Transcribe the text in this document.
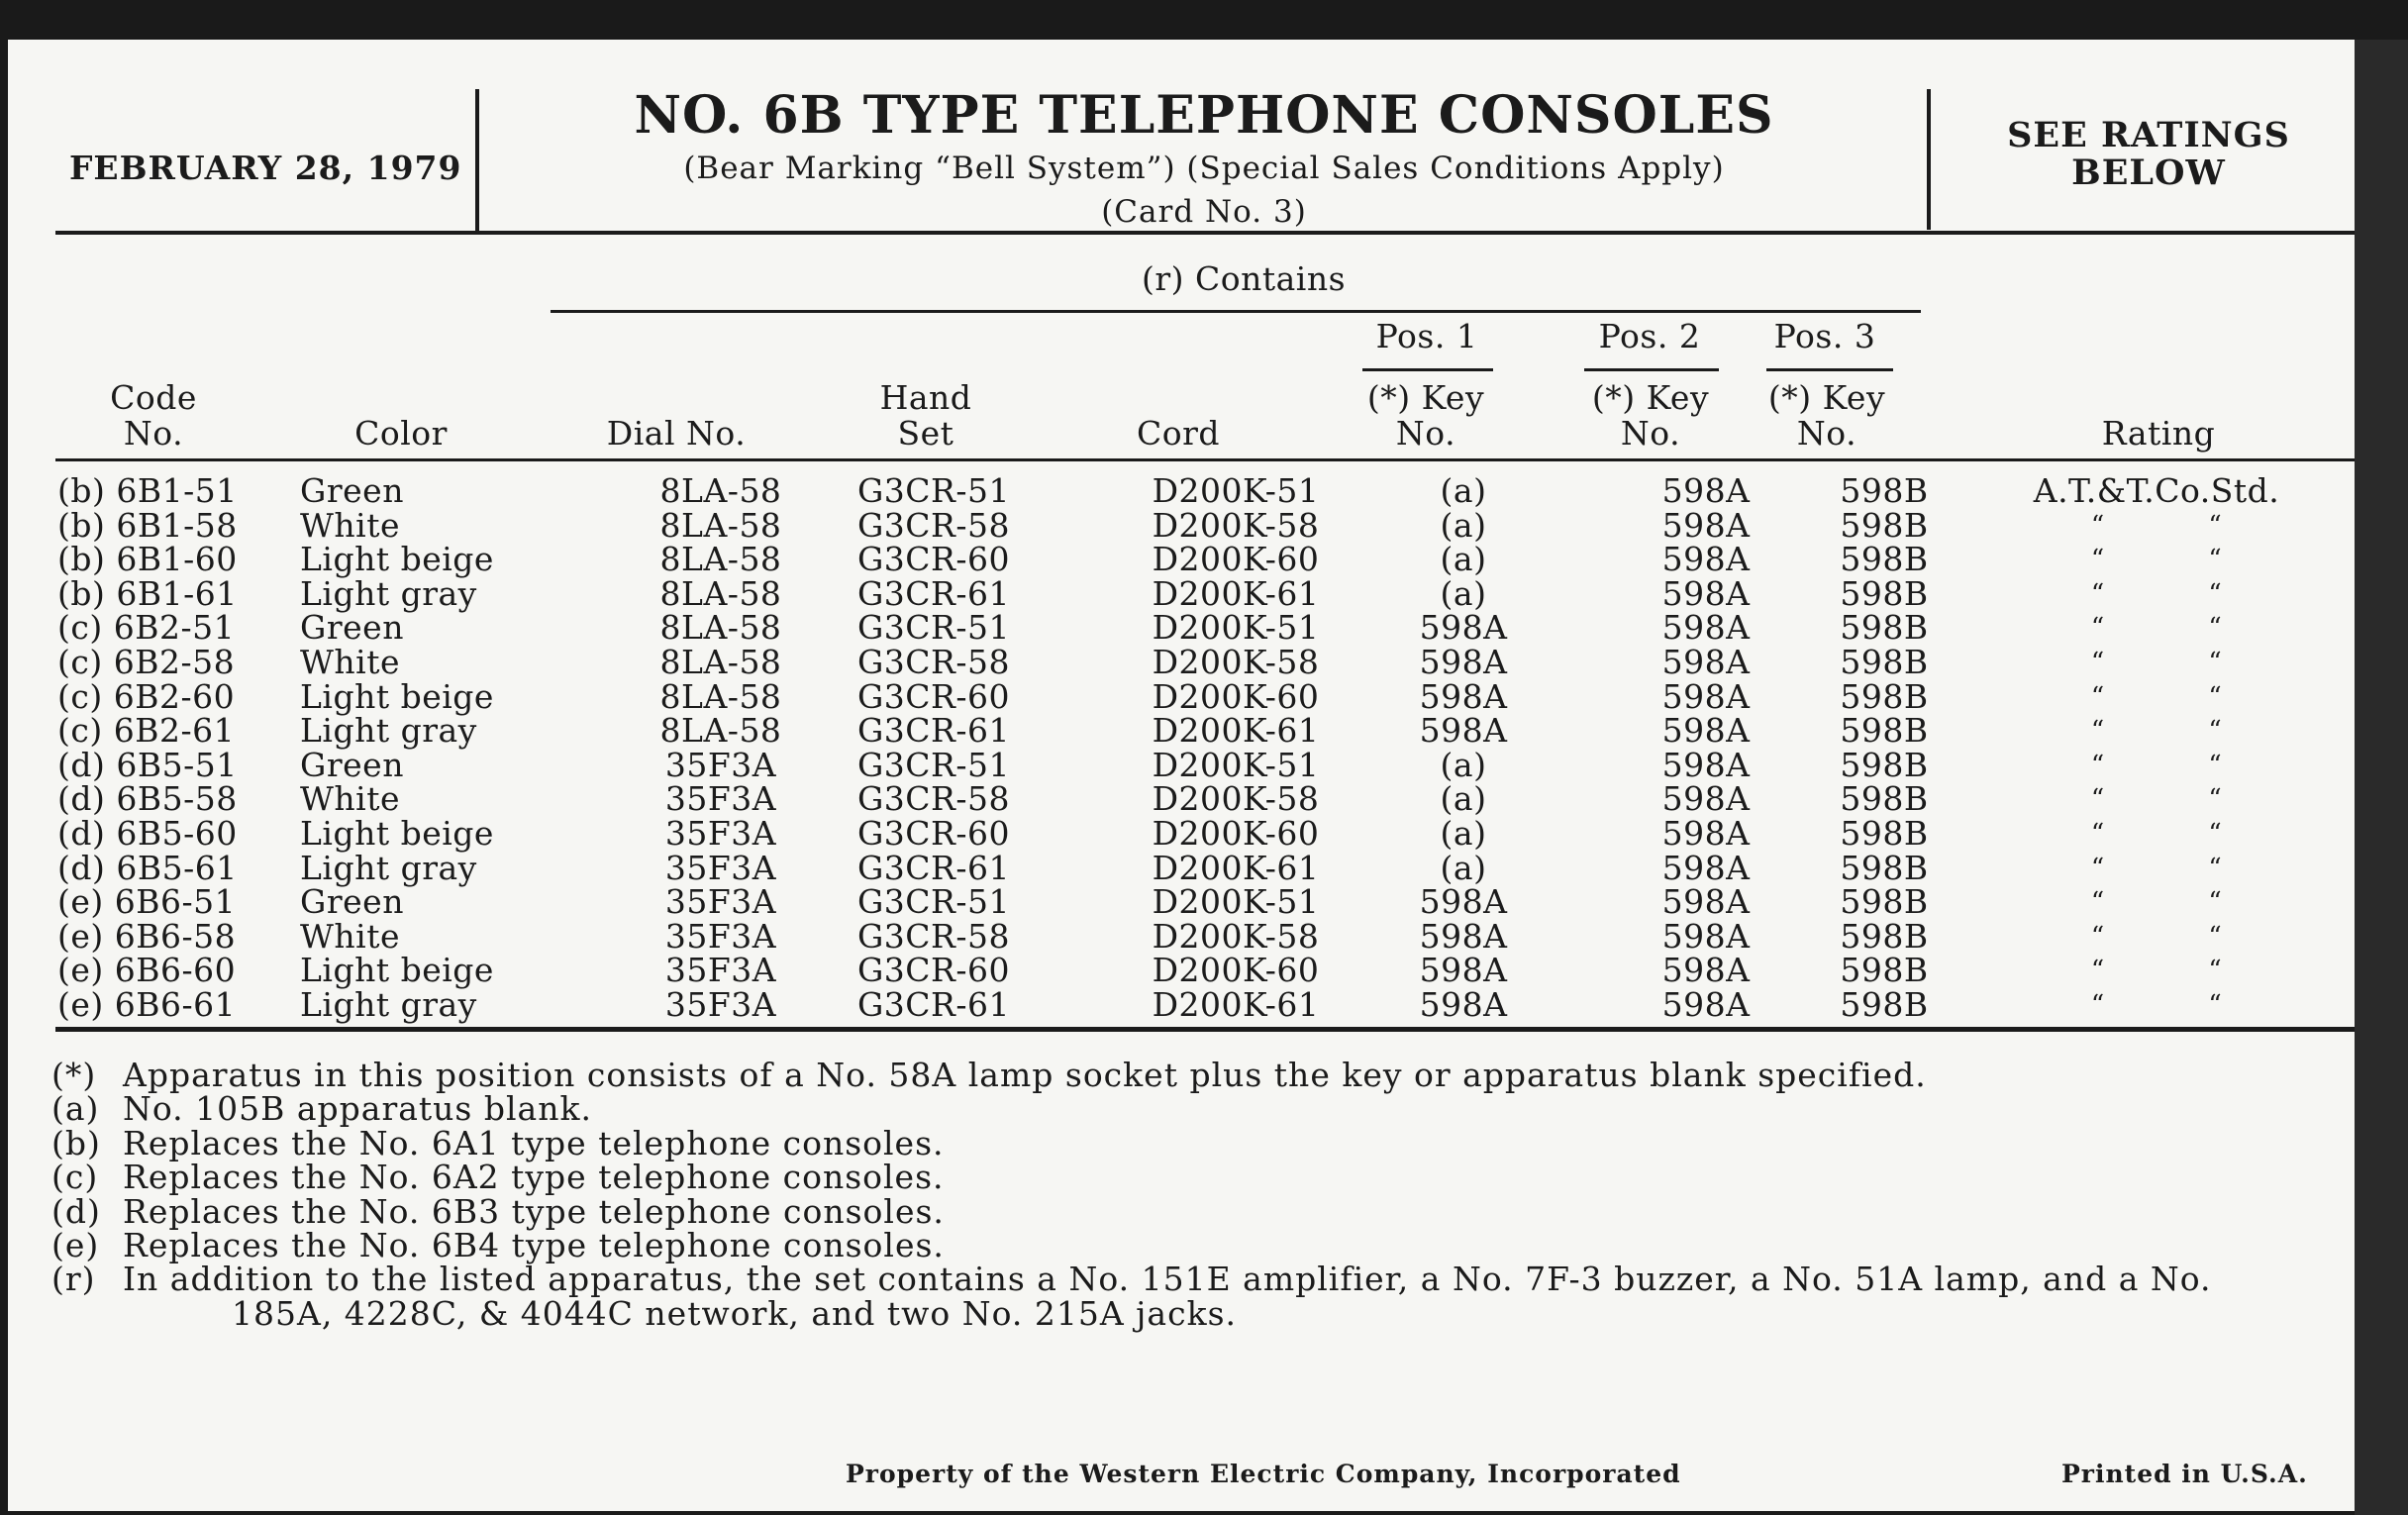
FEBRUARY 28, 1979
NO. 6B TYPE TELEPHONE CONSOLES
(Bear Marking “Bell System”) (Special Sales Conditions Apply)
(Card No. 3)
SEE RATINGS
BELOW
(r) Contains
Pos. 1	Pos. 2	Pos. 3
Code
No.	Color	Dial No.
Hand
Set	Cord
(*) Key
No.
(*) Key
No.
(*) Key
No.	Rating
(b) 6B1-51 Green	8LA-58	G3CR-51	D200K-51	(a)	598A	598B	A.T.&T.Co.Std.
(b) 6B1-58 White	8LA-58	G3CR-58	D200K-58	(a)	598A	598B	“ “
(b) 6B1-60 Light beige	8LA-58	G3CR-60	D200K-60	(a)	598A	598B	“ “
(b) 6B1-61 Light gray	8LA-58	G3CR-61	D200K-61	(a)	598A	598B	“ “
(c) 6B2-51 Green	8LA-58	G3CR-51	D200K-51	598A	598A	598B	“ “
(c) 6B2-58 White	8LA-58	G3CR-58	D200K-58	598A	598A	598B	“ “
(c) 6B2-60 Light beige	8LA-58	G3CR-60	D200K-60	598A	598A	598B	“ “
(c) 6B2-61 Light gray	8LA-58	G3CR-61	D200K-61	598A	598A	598B	“ “
(d) 6B5-51 Green	35F3A	G3CR-51	D200K-51	(a)	598A	598B	“ “
(d) 6B5-58 White	35F3A	G3CR-58	D200K-58	(a)	598A	598B	“ “
(d) 6B5-60 Light beige	35F3A	G3CR-60	D200K-60	(a)	598A	598B	“ “
(d) 6B5-61 Light gray	35F3A	G3CR-61	D200K-61	(a)	598A	598B	“ “
(e) 6B6-51 Green	35F3A	G3CR-51	D200K-51	598A	598A	598B	“ “
(e) 6B6-58 White	35F3A	G3CR-58	D200K-58	598A	598A	598B	“ “
(e) 6B6-60 Light beige	35F3A	G3CR-60	D200K-60	598A	598A	598B	“ “
(e) 6B6-61 Light gray	35F3A	G3CR-61	D200K-61	598A	598A	598B	“ “
(*) Apparatus in this position consists of a No. 58A lamp socket plus the key or apparatus blank specified.
(a) No. 105B apparatus blank.
(b) Replaces the No. 6A1 type telephone consoles.
(c) Replaces the No. 6A2 type telephone consoles.
(d) Replaces the No. 6B3 type telephone consoles.
(e) Replaces the No. 6B4 type telephone consoles.
(r) In addition to the listed apparatus, the set contains a No. 151E amplifier, a No. 7F-3 buzzer, a No. 51A lamp, and a No.
185A, 4228C, & 4044C network, and two No. 215A jacks.
Property of the Western Electric Company, Incorporated	Printed in U.S.A.
